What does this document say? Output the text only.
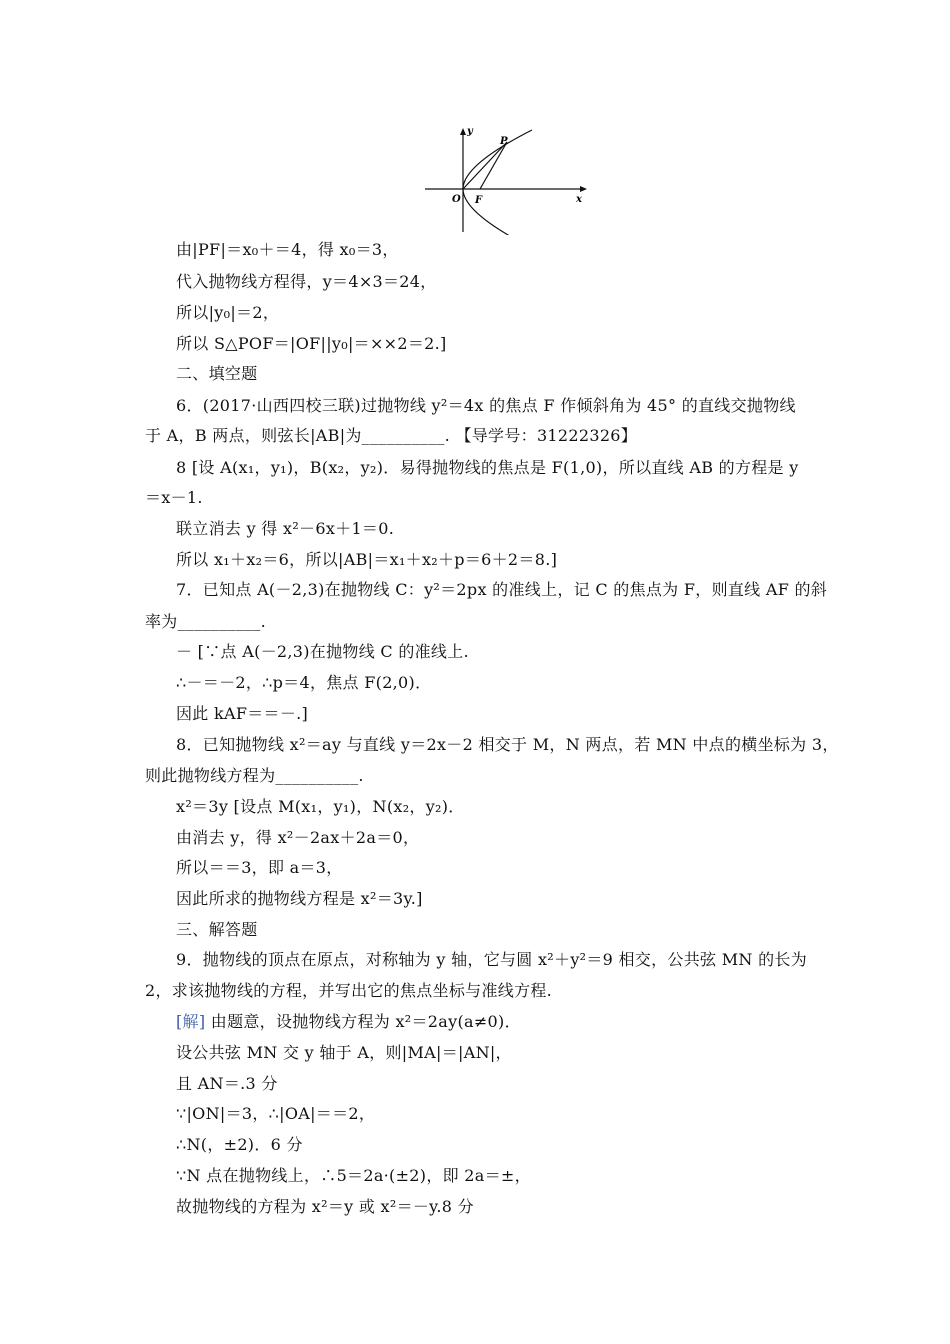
y
P
O F	x
由|PF|＝x₀＋＝4，得 x₀＝3，
代入抛物线方程得，y＝4×3＝24，
所以|y₀|＝2，
所以 S△POF＝|OF||y₀|＝××2＝2.]
二、填空题
6．(2017·山西四校三联)过抛物线 y²＝4x 的焦点 F 作倾斜角为 45° 的直线交抛物线
于 A，B 两点，则弦长|AB|为__________. 【导学号：31222326】
8 [设 A(x₁，y₁)，B(x₂，y₂)．易得抛物线的焦点是 F(1,0)，所以直线 AB 的方程是 y
＝x－1.
联立消去 y 得 x²－6x＋1＝0.
所以 x₁＋x₂＝6，所以|AB|＝x₁＋x₂＋p＝6＋2＝8.]
7．已知点 A(－2,3)在抛物线 C：y²＝2px 的准线上，记 C 的焦点为 F，则直线 AF 的斜
率为__________.
－ [∵点 A(－2,3)在抛物线 C 的准线上.
∴－＝－2，∴p＝4，焦点 F(2,0)．
因此 kAF＝＝－.]
8．已知抛物线 x²＝ay 与直线 y＝2x－2 相交于 M，N 两点，若 MN 中点的横坐标为 3，
则此抛物线方程为__________.
x²＝3y [设点 M(x₁，y₁)，N(x₂，y₂)．
由消去 y，得 x²－2ax＋2a＝0，
所以＝＝3，即 a＝3，
因此所求的抛物线方程是 x²＝3y.]
三、解答题
9．抛物线的顶点在原点，对称轴为 y 轴，它与圆 x²＋y²＝9 相交，公共弦 MN 的长为
2，求该抛物线的方程，并写出它的焦点坐标与准线方程.
[解] 由题意，设抛物线方程为 x²＝2ay(a≠0)．
设公共弦 MN 交 y 轴于 A，则|MA|＝|AN|，
且 AN＝.3 分
∵|ON|＝3，∴|OA|＝＝2，
∴N(，±2)．6 分
∵N 点在抛物线上，∴5＝2a·(±2)，即 2a＝±，
故抛物线的方程为 x²＝y 或 x²＝－y.8 分
